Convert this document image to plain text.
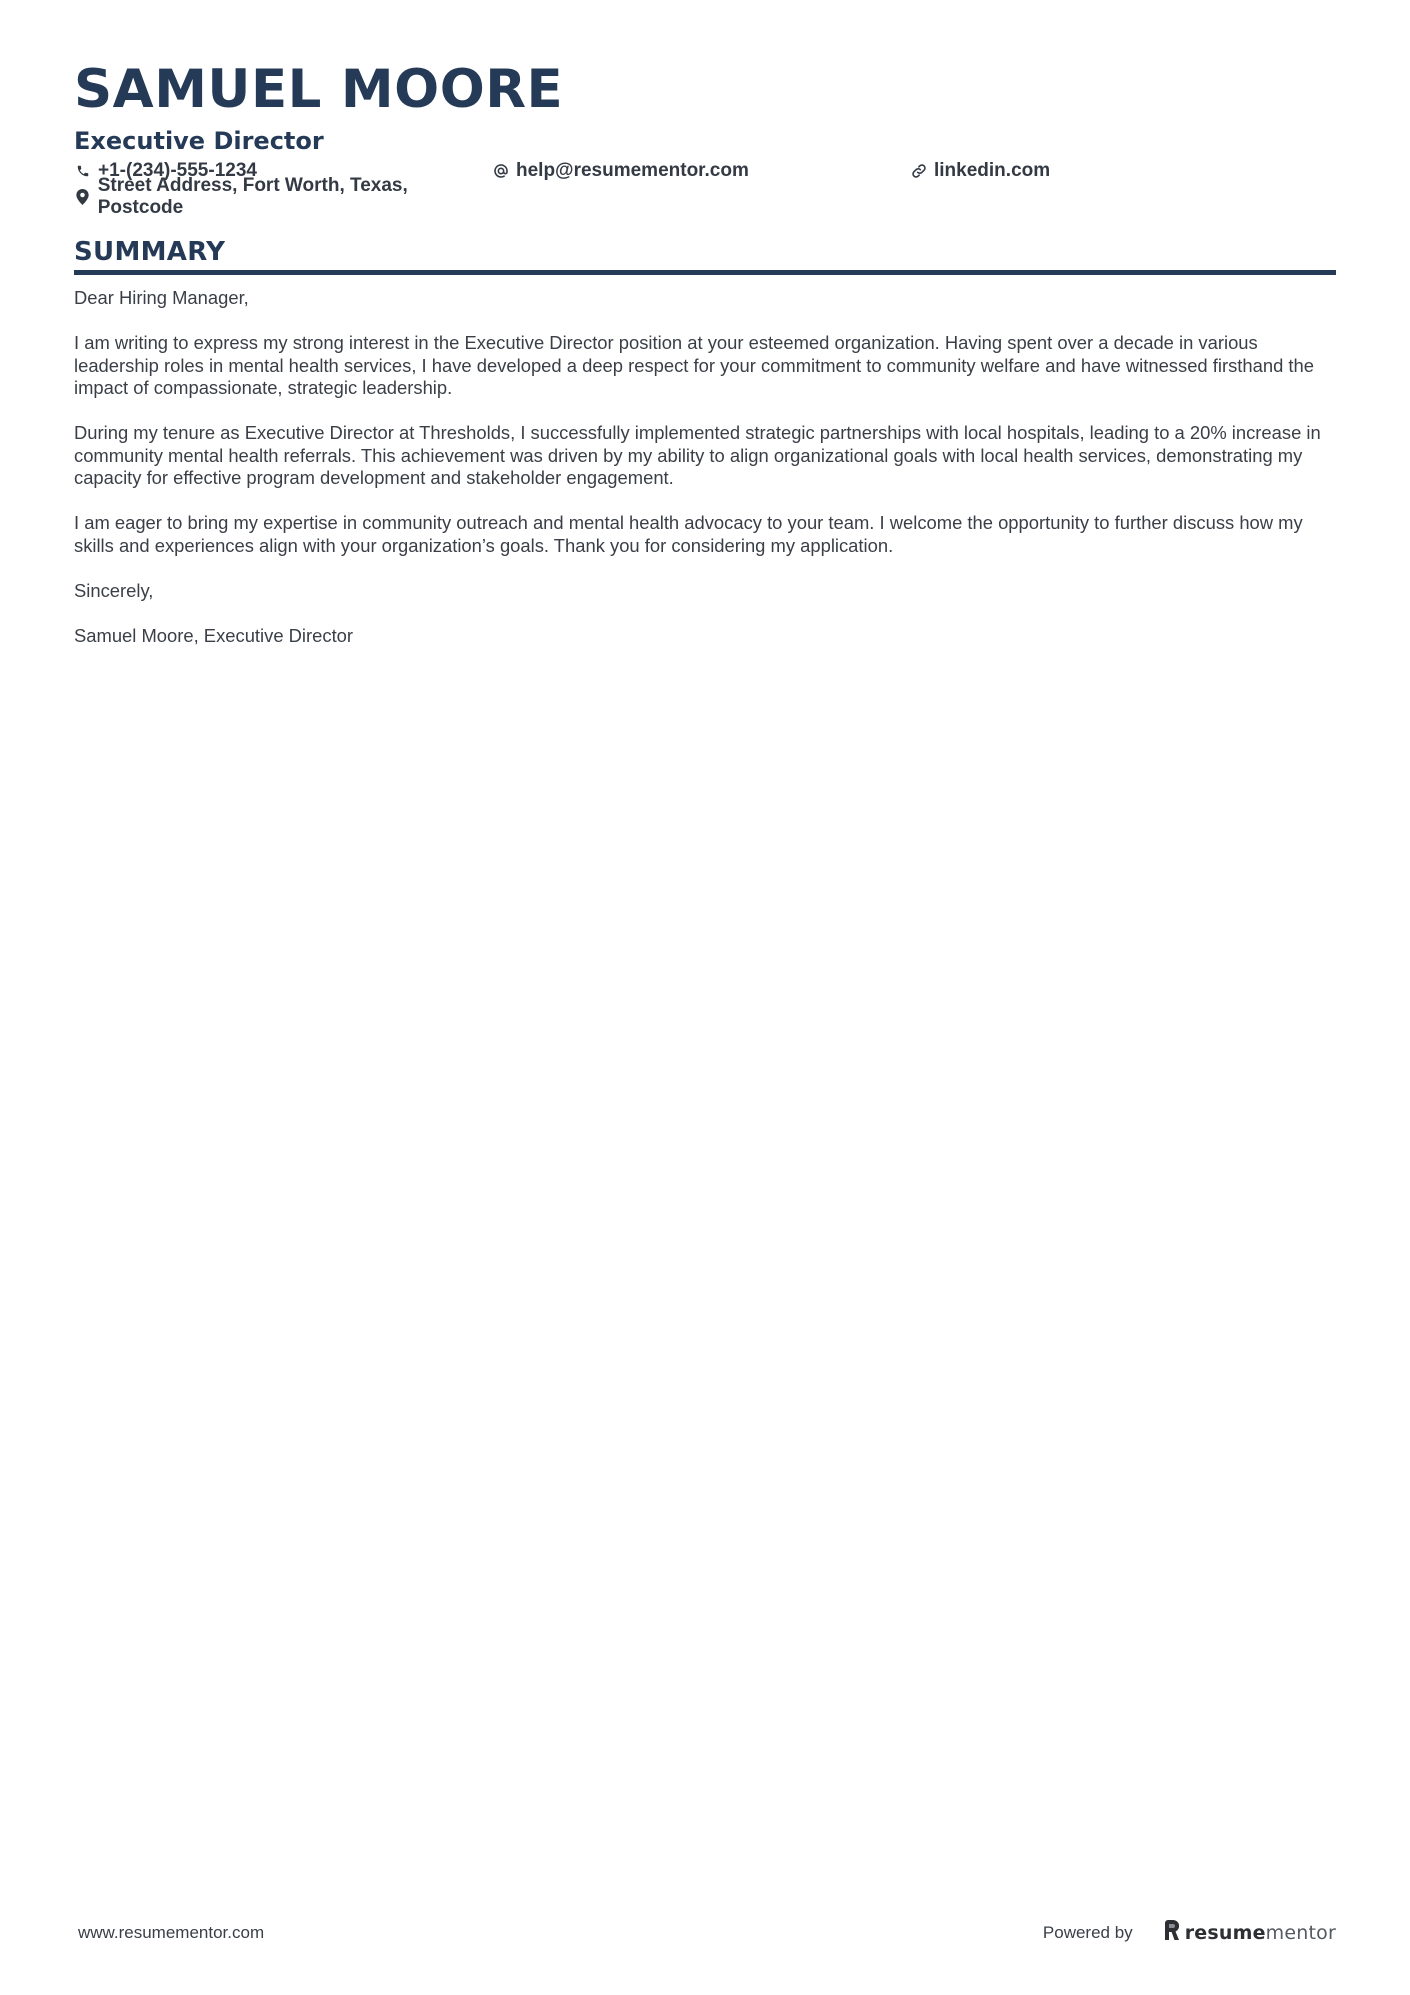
SAMUEL MOORE
Executive Director
+1-(234)-555-1234	help@resumementor.com	linkedin.com
Street Address, Fort Worth, Texas, Postcode
SUMMARY

Dear Hiring Manager,

I am writing to express my strong interest in the Executive Director position at your esteemed organization. Having spent over a decade in various leadership roles in mental health services, I have developed a deep respect for your commitment to community welfare and have witnessed firsthand the impact of compassionate, strategic leadership.

During my tenure as Executive Director at Thresholds, I successfully implemented strategic partnerships with local hospitals, leading to a 20% increase in community mental health referrals. This achievement was driven by my ability to align organizational goals with local health services, demonstrating my capacity for effective program development and stakeholder engagement.

I am eager to bring my expertise in community outreach and mental health advocacy to your team. I welcome the opportunity to further discuss how my skills and experiences align with your organization’s goals. Thank you for considering my application.

Sincerely,

Samuel Moore, Executive Director

www.resumementor.com	Powered by	resume mentor
